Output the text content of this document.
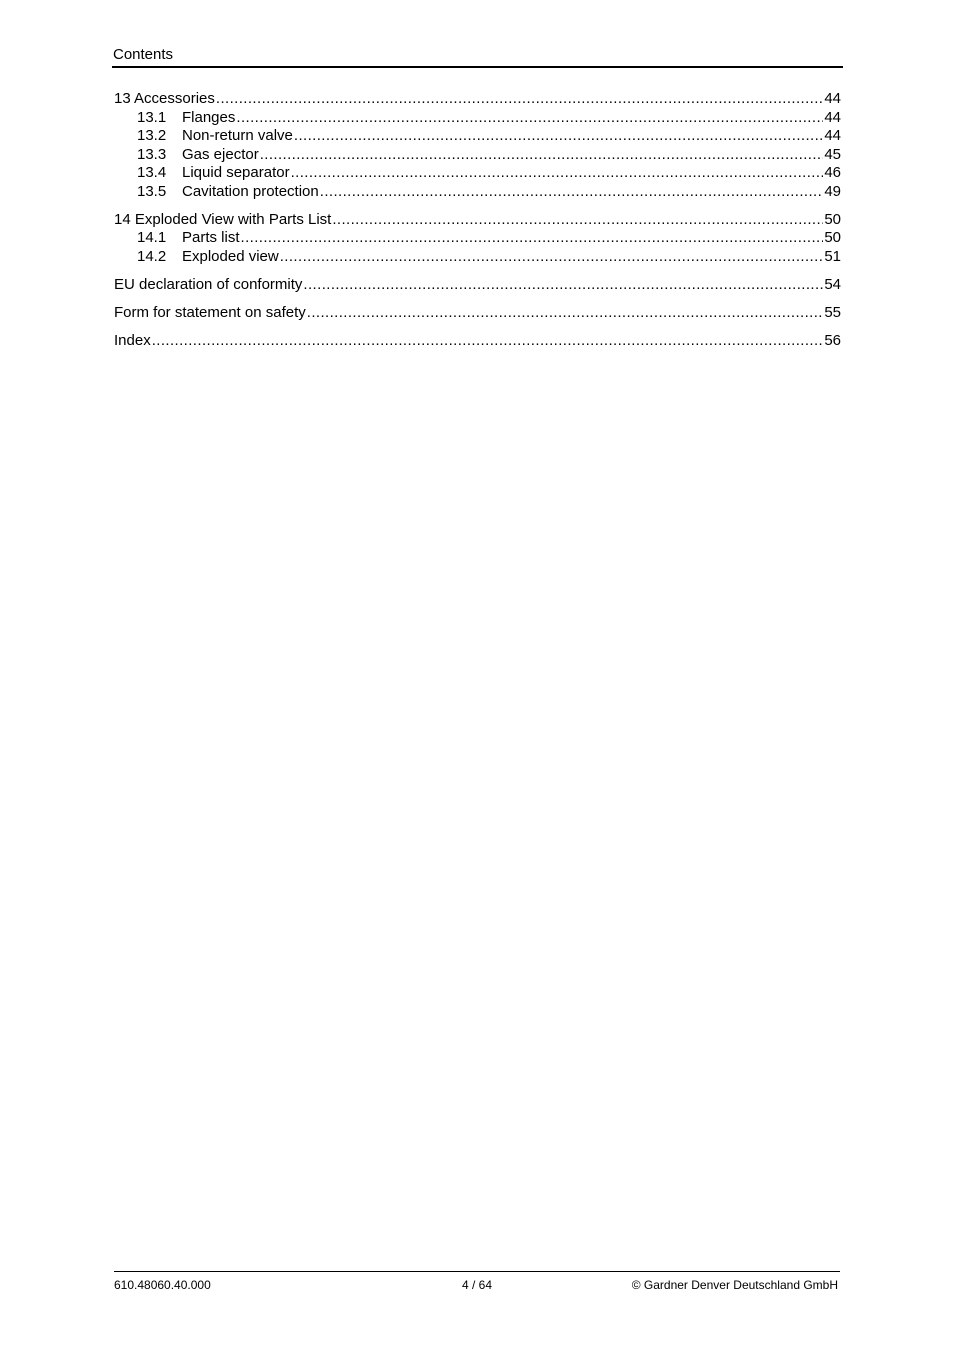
Contents
13 Accessories .....	44
13.1	Flanges .....	44
13.2	Non-return valve .....	44
13.3	Gas ejector .....	45
13.4	Liquid separator .....	46
13.5	Cavitation protection .....	49
14 Exploded View with Parts List .....	50
14.1	Parts list .....	50
14.2	Exploded view .....	51
EU declaration of conformity .....	54
Form for statement on safety .....	55
Index .....	56
610.48060.40.000	4 / 64	© Gardner Denver Deutschland GmbH
